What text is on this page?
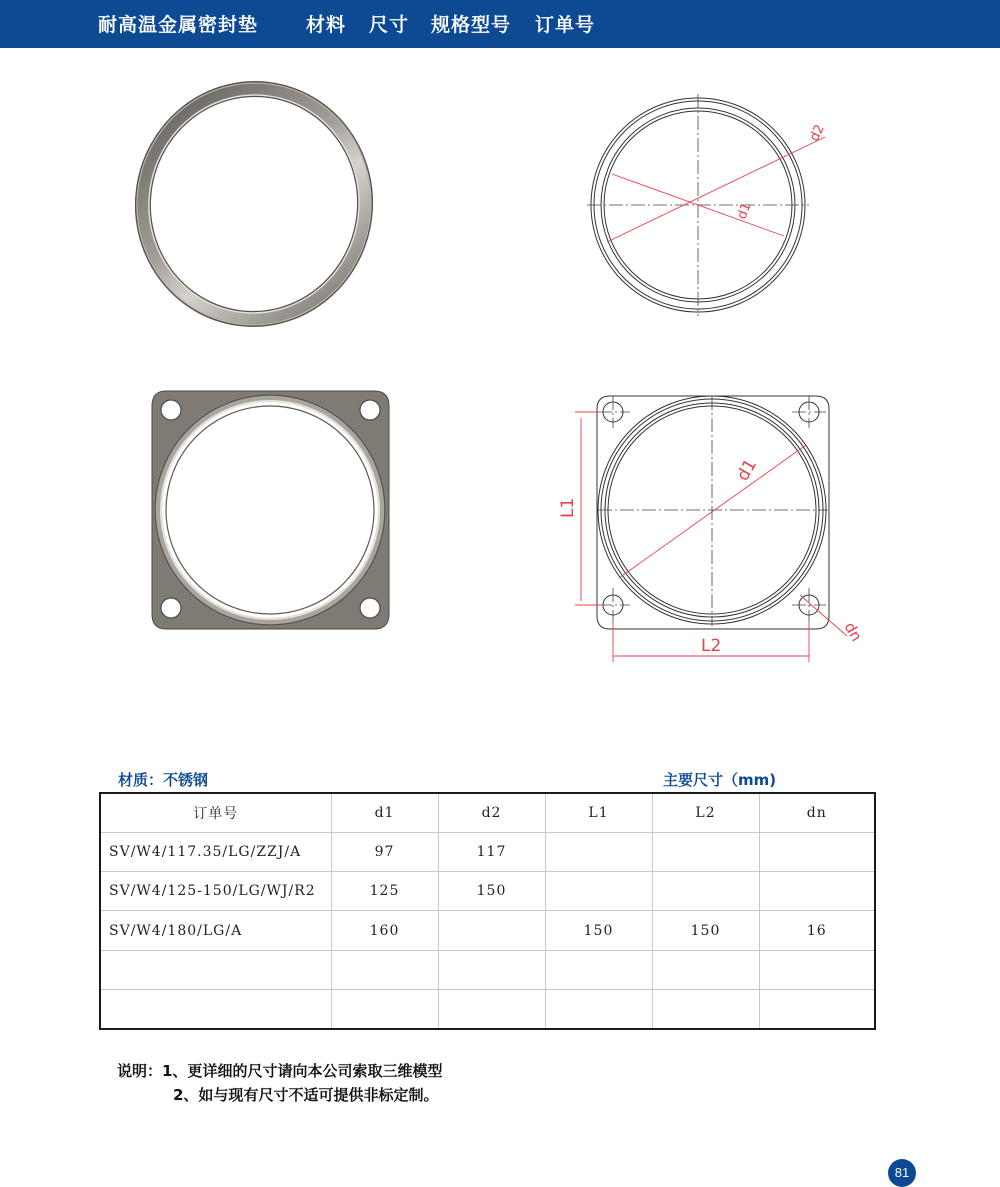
耐高温金属密封垫	材料 尺寸 规格型号 订单号
d2
d1
d1
L1
L2
dn
材质：不锈钢	主要尺寸（mm)
订单号	d1	d2	L1	L2	dn
SV/W4/117.35/LG/ZZJ/A	97	117			
SV/W4/125-150/LG/WJ/R2	125	150			
SV/W4/180/LG/A	160		150	150	16

说明：1、更详细的尺寸请向本公司索取三维模型
2、如与现有尺寸不适可提供非标定制。
81
